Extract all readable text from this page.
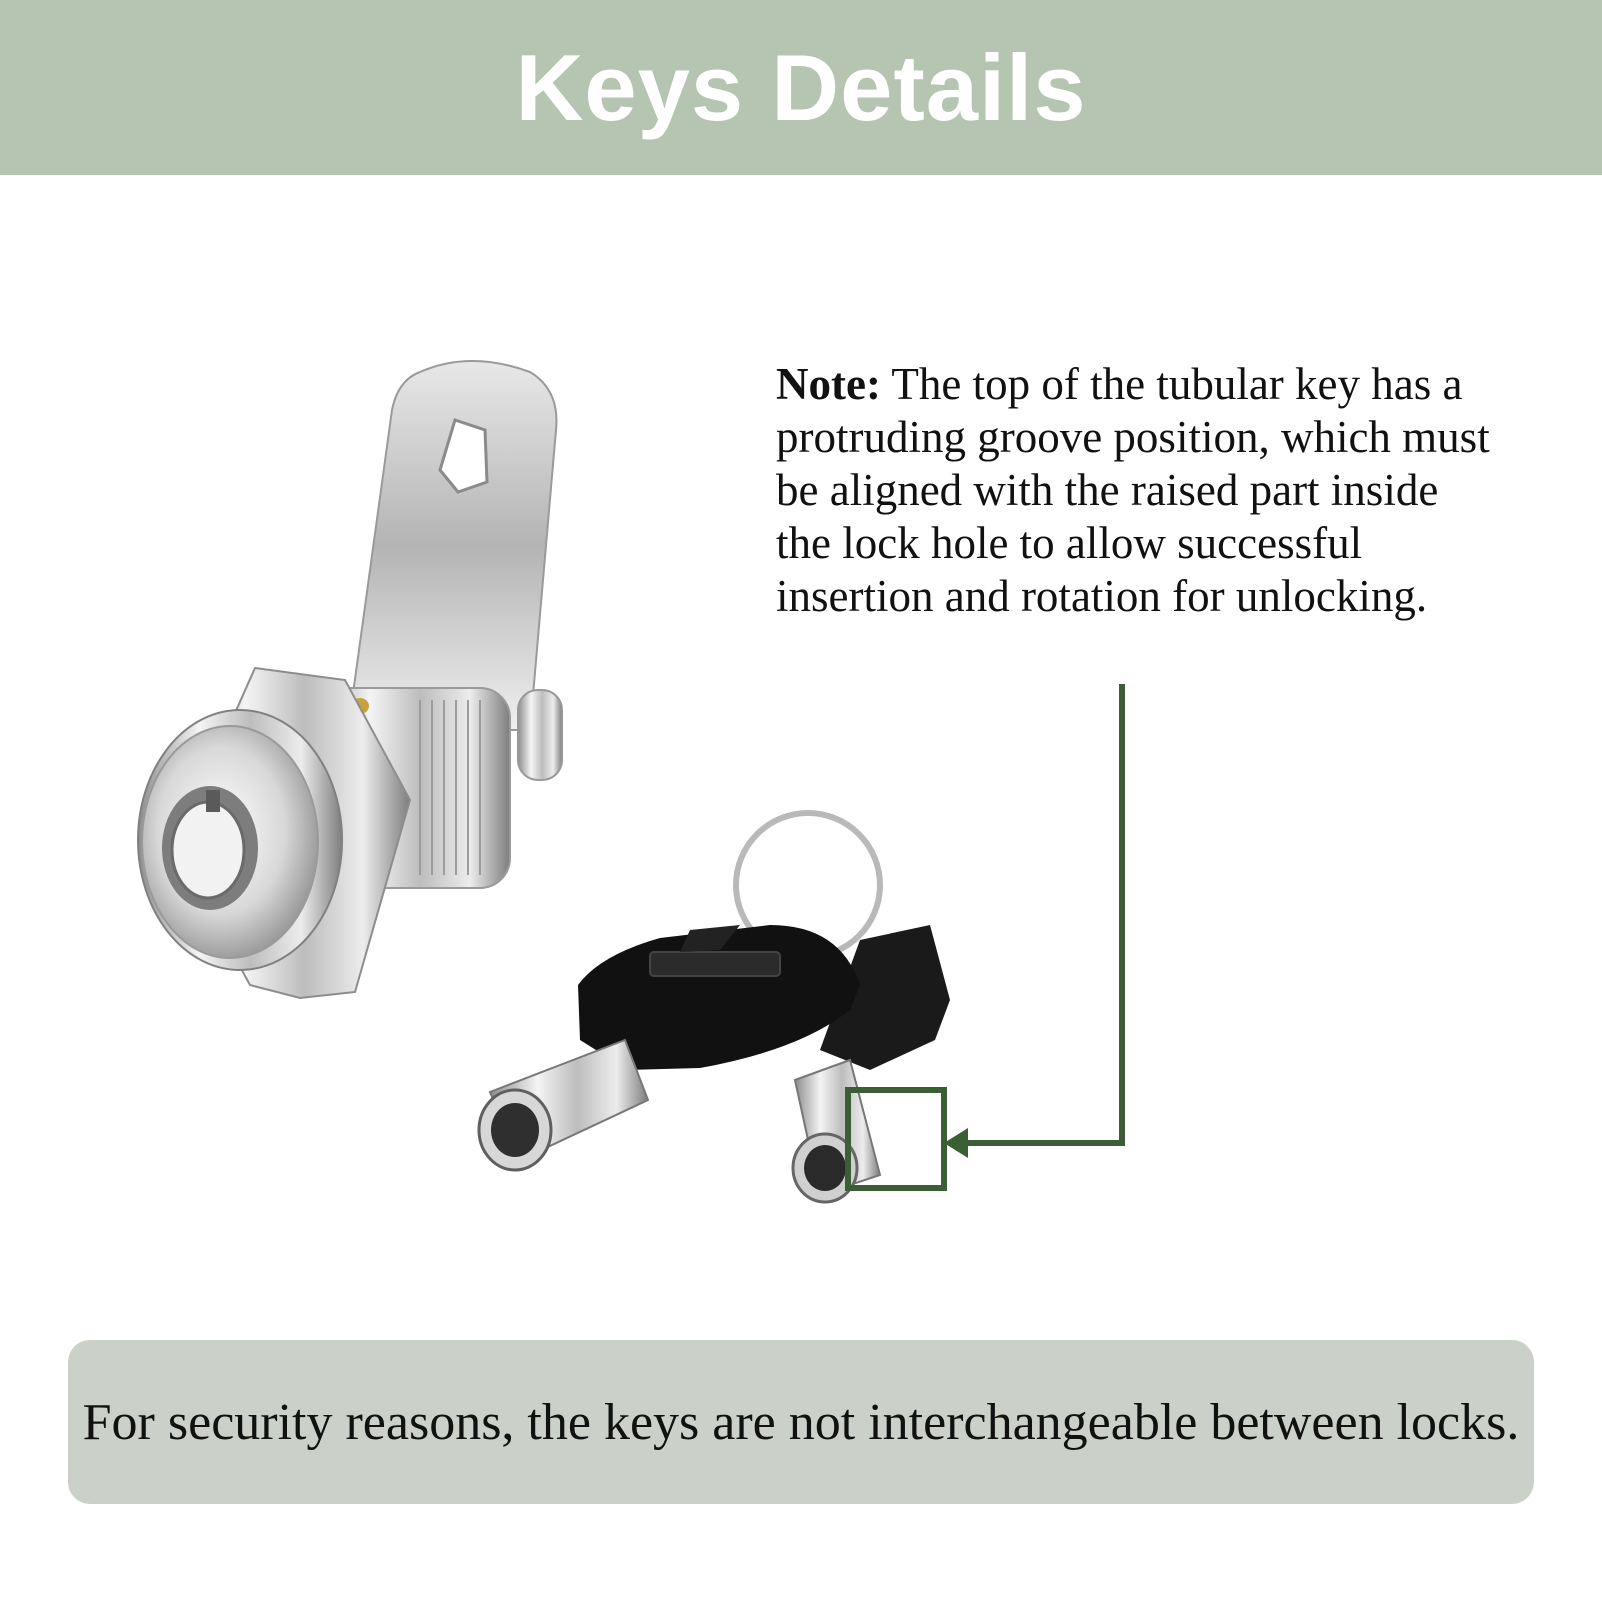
Keys Details
Note: The top of the tubular key has a protruding groove position, which must be aligned with the raised part inside the lock hole to allow successful insertion and rotation for unlocking.
For security reasons, the keys are not interchangeable between locks.
